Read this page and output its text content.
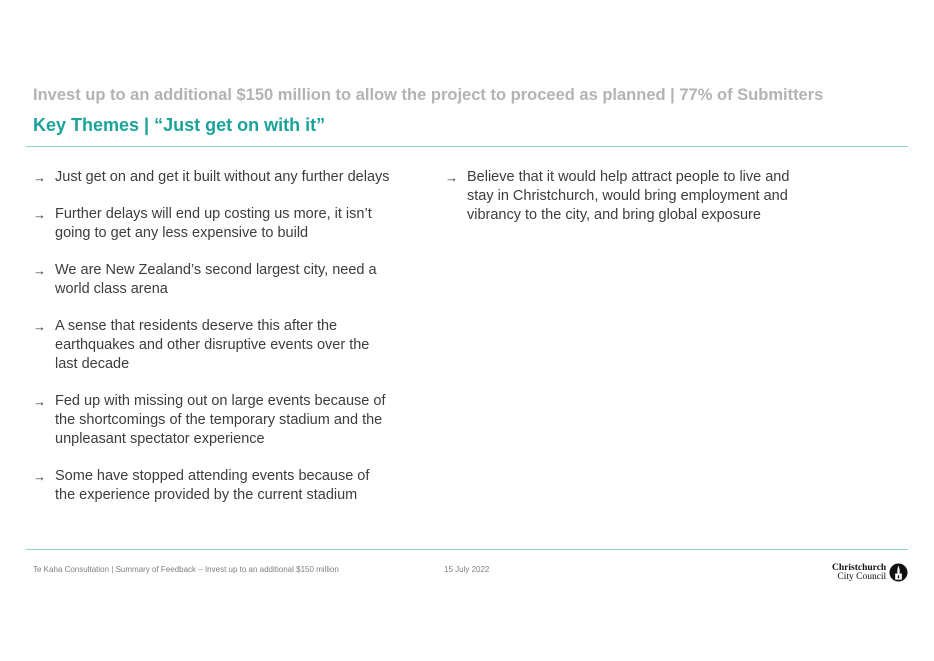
Invest up to an additional $150 million to allow the project to proceed as planned | 77% of Submitters
Key Themes | “Just get on with it”
→ Just get on and get it built without any further delays
→ Further delays will end up costing us more, it isn’t going to get any less expensive to build
→ We are New Zealand’s second largest city, need a world class arena
→ A sense that residents deserve this after the earthquakes and other disruptive events over the last decade
→ Fed up with missing out on large events because of the shortcomings of the temporary stadium and the unpleasant spectator experience
→ Some have stopped attending events because of the experience provided by the current stadium
→ Believe that it would help attract people to live and stay in Christchurch, would bring employment and vibrancy to the city, and bring global exposure
Te Kaha Consultation | Summary of Feedback – Invest up to an additional $150 million	15 July 2022	Christchurch
City Council
